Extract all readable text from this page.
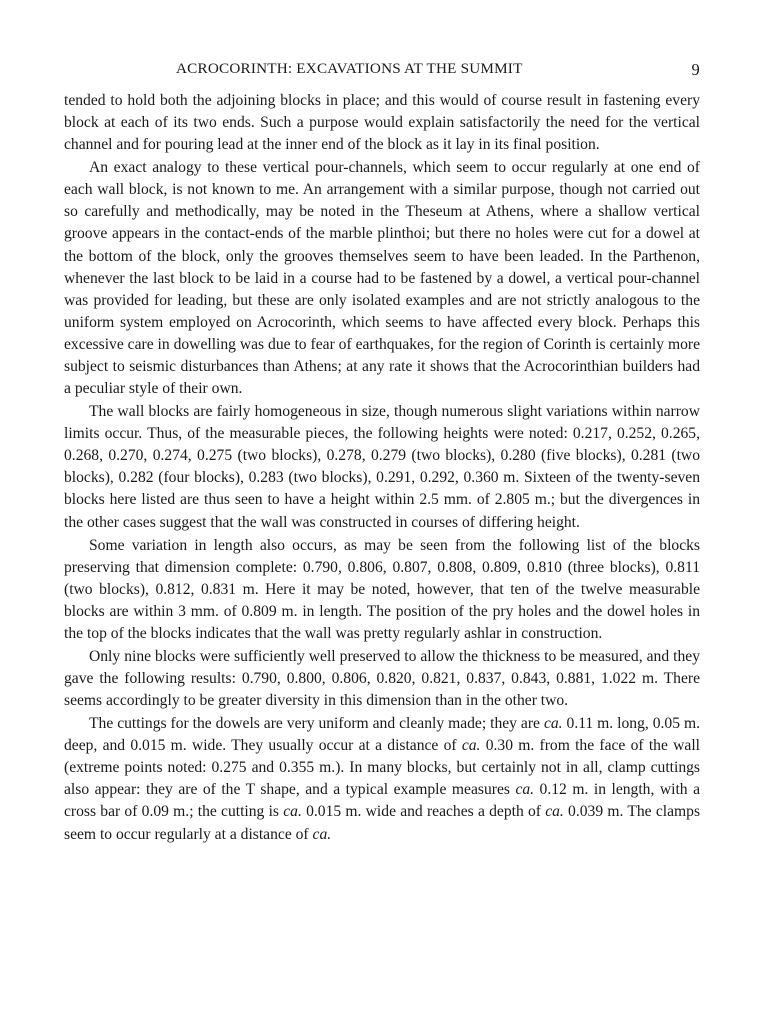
ACROCORINTH: EXCAVATIONS AT THE SUMMIT	9

tended to hold both the adjoining blocks in place; and this would of course result in fastening every block at each of its two ends. Such a purpose would explain satisfactorily the need for the vertical channel and for pouring lead at the inner end of the block as it lay in its final position.

An exact analogy to these vertical pour-channels, which seem to occur regularly at one end of each wall block, is not known to me. An arrangement with a similar purpose, though not carried out so carefully and methodically, may be noted in the Theseum at Athens, where a shallow vertical groove appears in the contact-ends of the marble plinthoi; but there no holes were cut for a dowel at the bottom of the block, only the grooves themselves seem to have been leaded. In the Parthenon, whenever the last block to be laid in a course had to be fastened by a dowel, a vertical pour-channel was provided for leading, but these are only isolated examples and are not strictly analogous to the uniform system employed on Acrocorinth, which seems to have affected every block. Perhaps this excessive care in dowelling was due to fear of earthquakes, for the region of Corinth is certainly more subject to seismic disturbances than Athens; at any rate it shows that the Acrocorinthian builders had a peculiar style of their own.

The wall blocks are fairly homogeneous in size, though numerous slight variations within narrow limits occur. Thus, of the measurable pieces, the following heights were noted: 0.217, 0.252, 0.265, 0.268, 0.270, 0.274, 0.275 (two blocks), 0.278, 0.279 (two blocks), 0.280 (five blocks), 0.281 (two blocks), 0.282 (four blocks), 0.283 (two blocks), 0.291, 0.292, 0.360 m. Sixteen of the twenty-seven blocks here listed are thus seen to have a height within 2.5 mm. of 2.805 m.; but the divergences in the other cases suggest that the wall was constructed in courses of differing height.

Some variation in length also occurs, as may be seen from the following list of the blocks preserving that dimension complete: 0.790, 0.806, 0.807, 0.808, 0.809, 0.810 (three blocks), 0.811 (two blocks), 0.812, 0.831 m. Here it may be noted, however, that ten of the twelve measurable blocks are within 3 mm. of 0.809 m. in length. The position of the pry holes and the dowel holes in the top of the blocks indicates that the wall was pretty regularly ashlar in construction.

Only nine blocks were sufficiently well preserved to allow the thickness to be measured, and they gave the following results: 0.790, 0.800, 0.806, 0.820, 0.821, 0.837, 0.843, 0.881, 1.022 m. There seems accordingly to be greater diversity in this dimension than in the other two.

The cuttings for the dowels are very uniform and cleanly made; they are ca. 0.11 m. long, 0.05 m. deep, and 0.015 m. wide. They usually occur at a distance of ca. 0.30 m. from the face of the wall (extreme points noted: 0.275 and 0.355 m.). In many blocks, but certainly not in all, clamp cuttings also appear: they are of the T shape, and a typical example measures ca. 0.12 m. in length, with a cross bar of 0.09 m.; the cutting is ca. 0.015 m. wide and reaches a depth of ca. 0.039 m. The clamps seem to occur regularly at a distance of ca.
